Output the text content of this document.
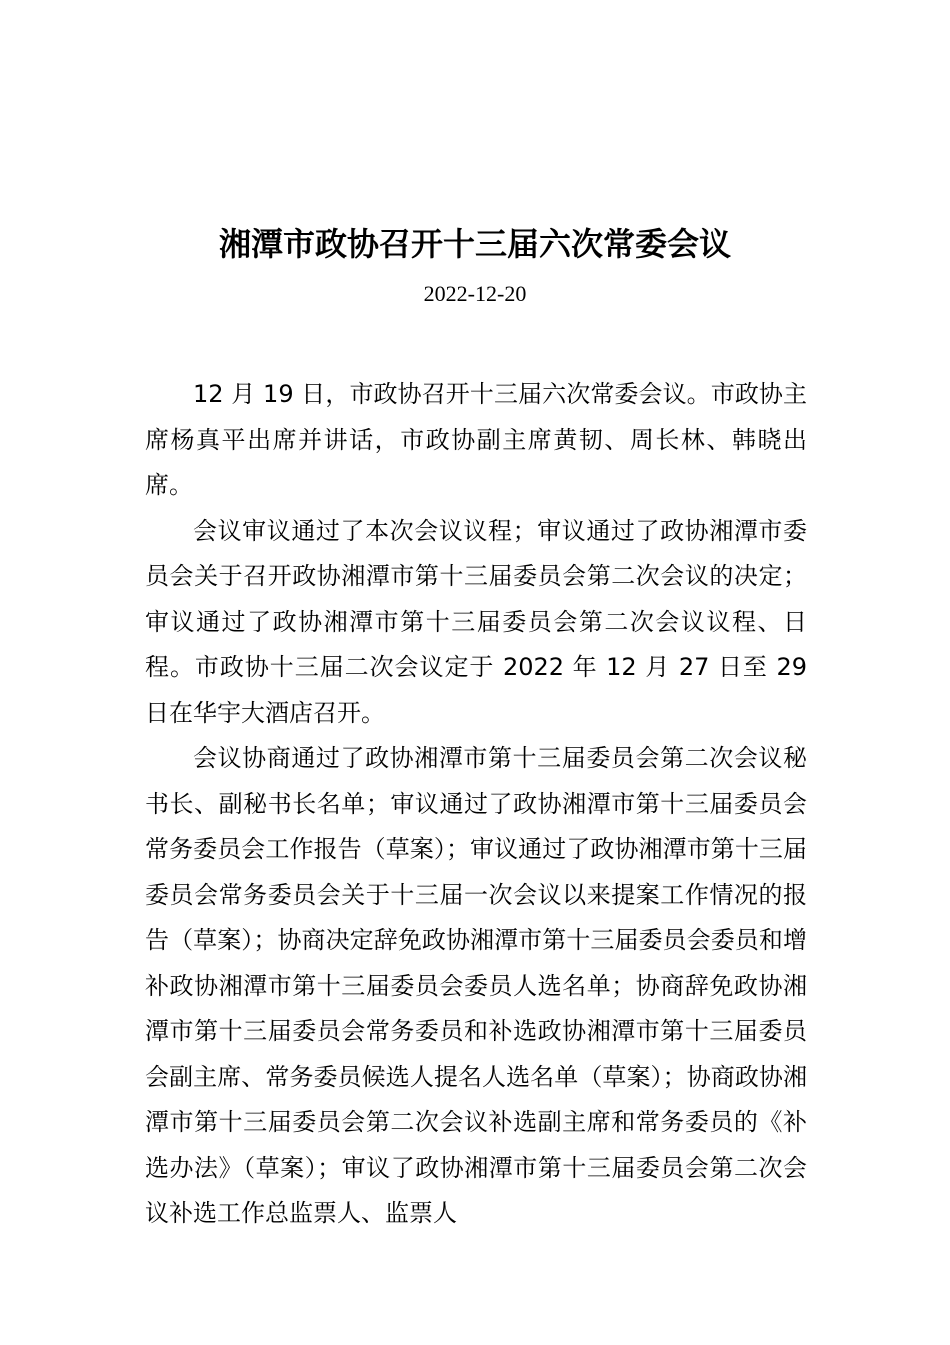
湘潭市政协召开十三届六次常委会议
2022-12-20

12 月 19 日，市政协召开十三届六次常委会议。市政协主席杨真平出席并讲话，市政协副主席黄韧、周长林、韩晓出席。

会议审议通过了本次会议议程；审议通过了政协湘潭市委员会关于召开政协湘潭市第十三届委员会第二次会议的决定；审议通过了政协湘潭市第十三届委员会第二次会议议程、日程。市政协十三届二次会议定于 2022 年 12 月 27 日至 29 日在华宇大酒店召开。

会议协商通过了政协湘潭市第十三届委员会第二次会议秘书长、副秘书长名单；审议通过了政协湘潭市第十三届委员会常务委员会工作报告（草案）；审议通过了政协湘潭市第十三届委员会常务委员会关于十三届一次会议以来提案工作情况的报告（草案）；协商决定辞免政协湘潭市第十三届委员会委员和增补政协湘潭市第十三届委员会委员人选名单；协商辞免政协湘潭市第十三届委员会常务委员和补选政协湘潭市第十三届委员会副主席、常务委员候选人提名人选名单（草案）；协商政协湘潭市第十三届委员会第二次会议补选副主席和常务委员的《补选办法》（草案）；审议了政协湘潭市第十三届委员会第二次会议补选工作总监票人、监票人
